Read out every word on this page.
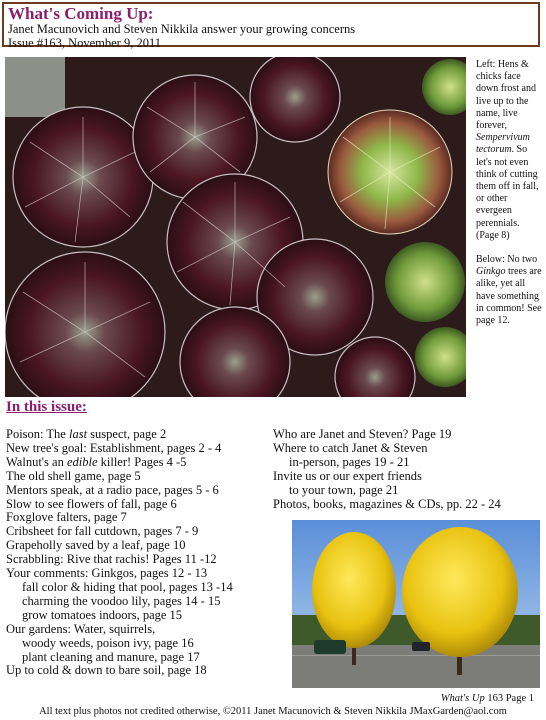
What's Coming Up:
Janet Macunovich and Steven Nikkila answer your growing concerns
Issue #163, November 9, 2011

Left: Hens & chicks face down frost and live up to the name, live forever, Sempervivum tectorum. So let's not even think of cutting them off in fall, or other evergeen perennials. (Page 8)

Below: No two Ginkgo trees are alike, yet all have something in common! See page 12.

In this issue:
Poison: The last suspect, page 2
New tree's goal: Establishment, pages 2 - 4
Walnut's an edible killer! Pages 4 -5
The old shell game, page 5
Mentors speak, at a radio pace, pages 5 - 6
Slow to see flowers of fall, page 6
Foxglove falters, page 7
Cribsheet for fall cutdown, pages 7 - 9
Grapeholly saved by a leaf, page 10
Scrabbling: Rive that rachis! Pages 11 -12
Your comments: Ginkgos, pages 12 - 13
fall color & hiding that pool, pages 13 -14
charming the voodoo lily, pages 14 - 15
grow tomatoes indoors, page 15
Our gardens: Water, squirrels,
woody weeds, poison ivy, page 16
plant cleaning and manure, page 17
Up to cold & down to bare soil, page 18
Who are Janet and Steven? Page 19
Where to catch Janet & Steven
in-person, pages 19 - 21
Invite us or our expert friends
to your town, page 21
Photos, books, magazines & CDs, pp. 22 - 24
What's Up 163 Page 1
All text plus photos not credited otherwise, ©2011 Janet Macunovich & Steven Nikkila JMaxGarden@aol.com
